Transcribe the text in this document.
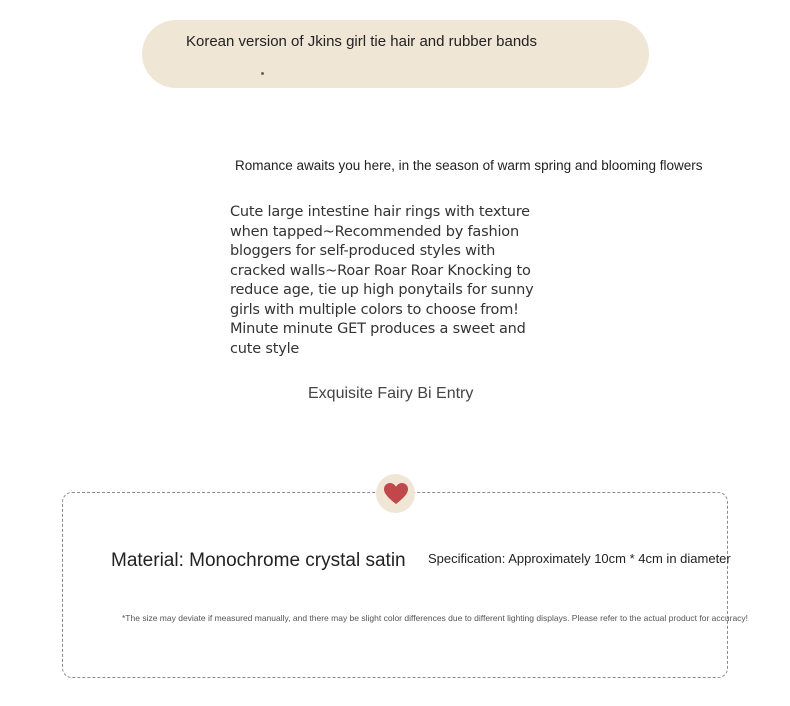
Korean version of Jkins girl tie hair and rubber bands
Romance awaits you here, in the season of warm spring and blooming flowers
Cute large intestine hair rings with texture when tapped~Recommended by fashion bloggers for self-produced styles with cracked walls~Roar Roar Roar Knocking to reduce age, tie up high ponytails for sunny girls with multiple colors to choose from! Minute minute GET produces a sweet and cute style
Exquisite Fairy Bi Entry
Material: Monochrome crystal satin Specification: Approximately 10cm * 4cm in diameter
*The size may deviate if measured manually, and there may be slight color differences due to different lighting displays. Please refer to the actual product for accuracy!
